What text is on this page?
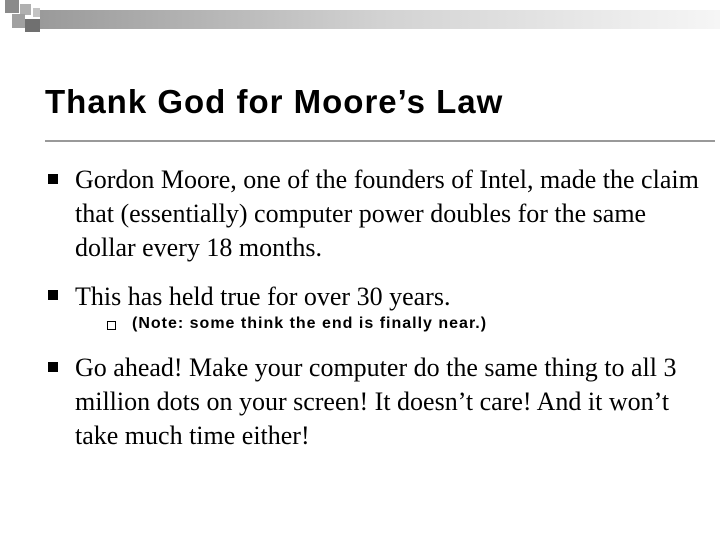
Thank God for Moore’s Law
Gordon Moore, one of the founders of Intel, made the claim that (essentially) computer power doubles for the same dollar every 18 months.
This has held true for over 30 years.
(Note: some think the end is finally near.)
Go ahead! Make your computer do the same thing to all 3 million dots on your screen! It doesn’t care! And it won’t take much time either!
